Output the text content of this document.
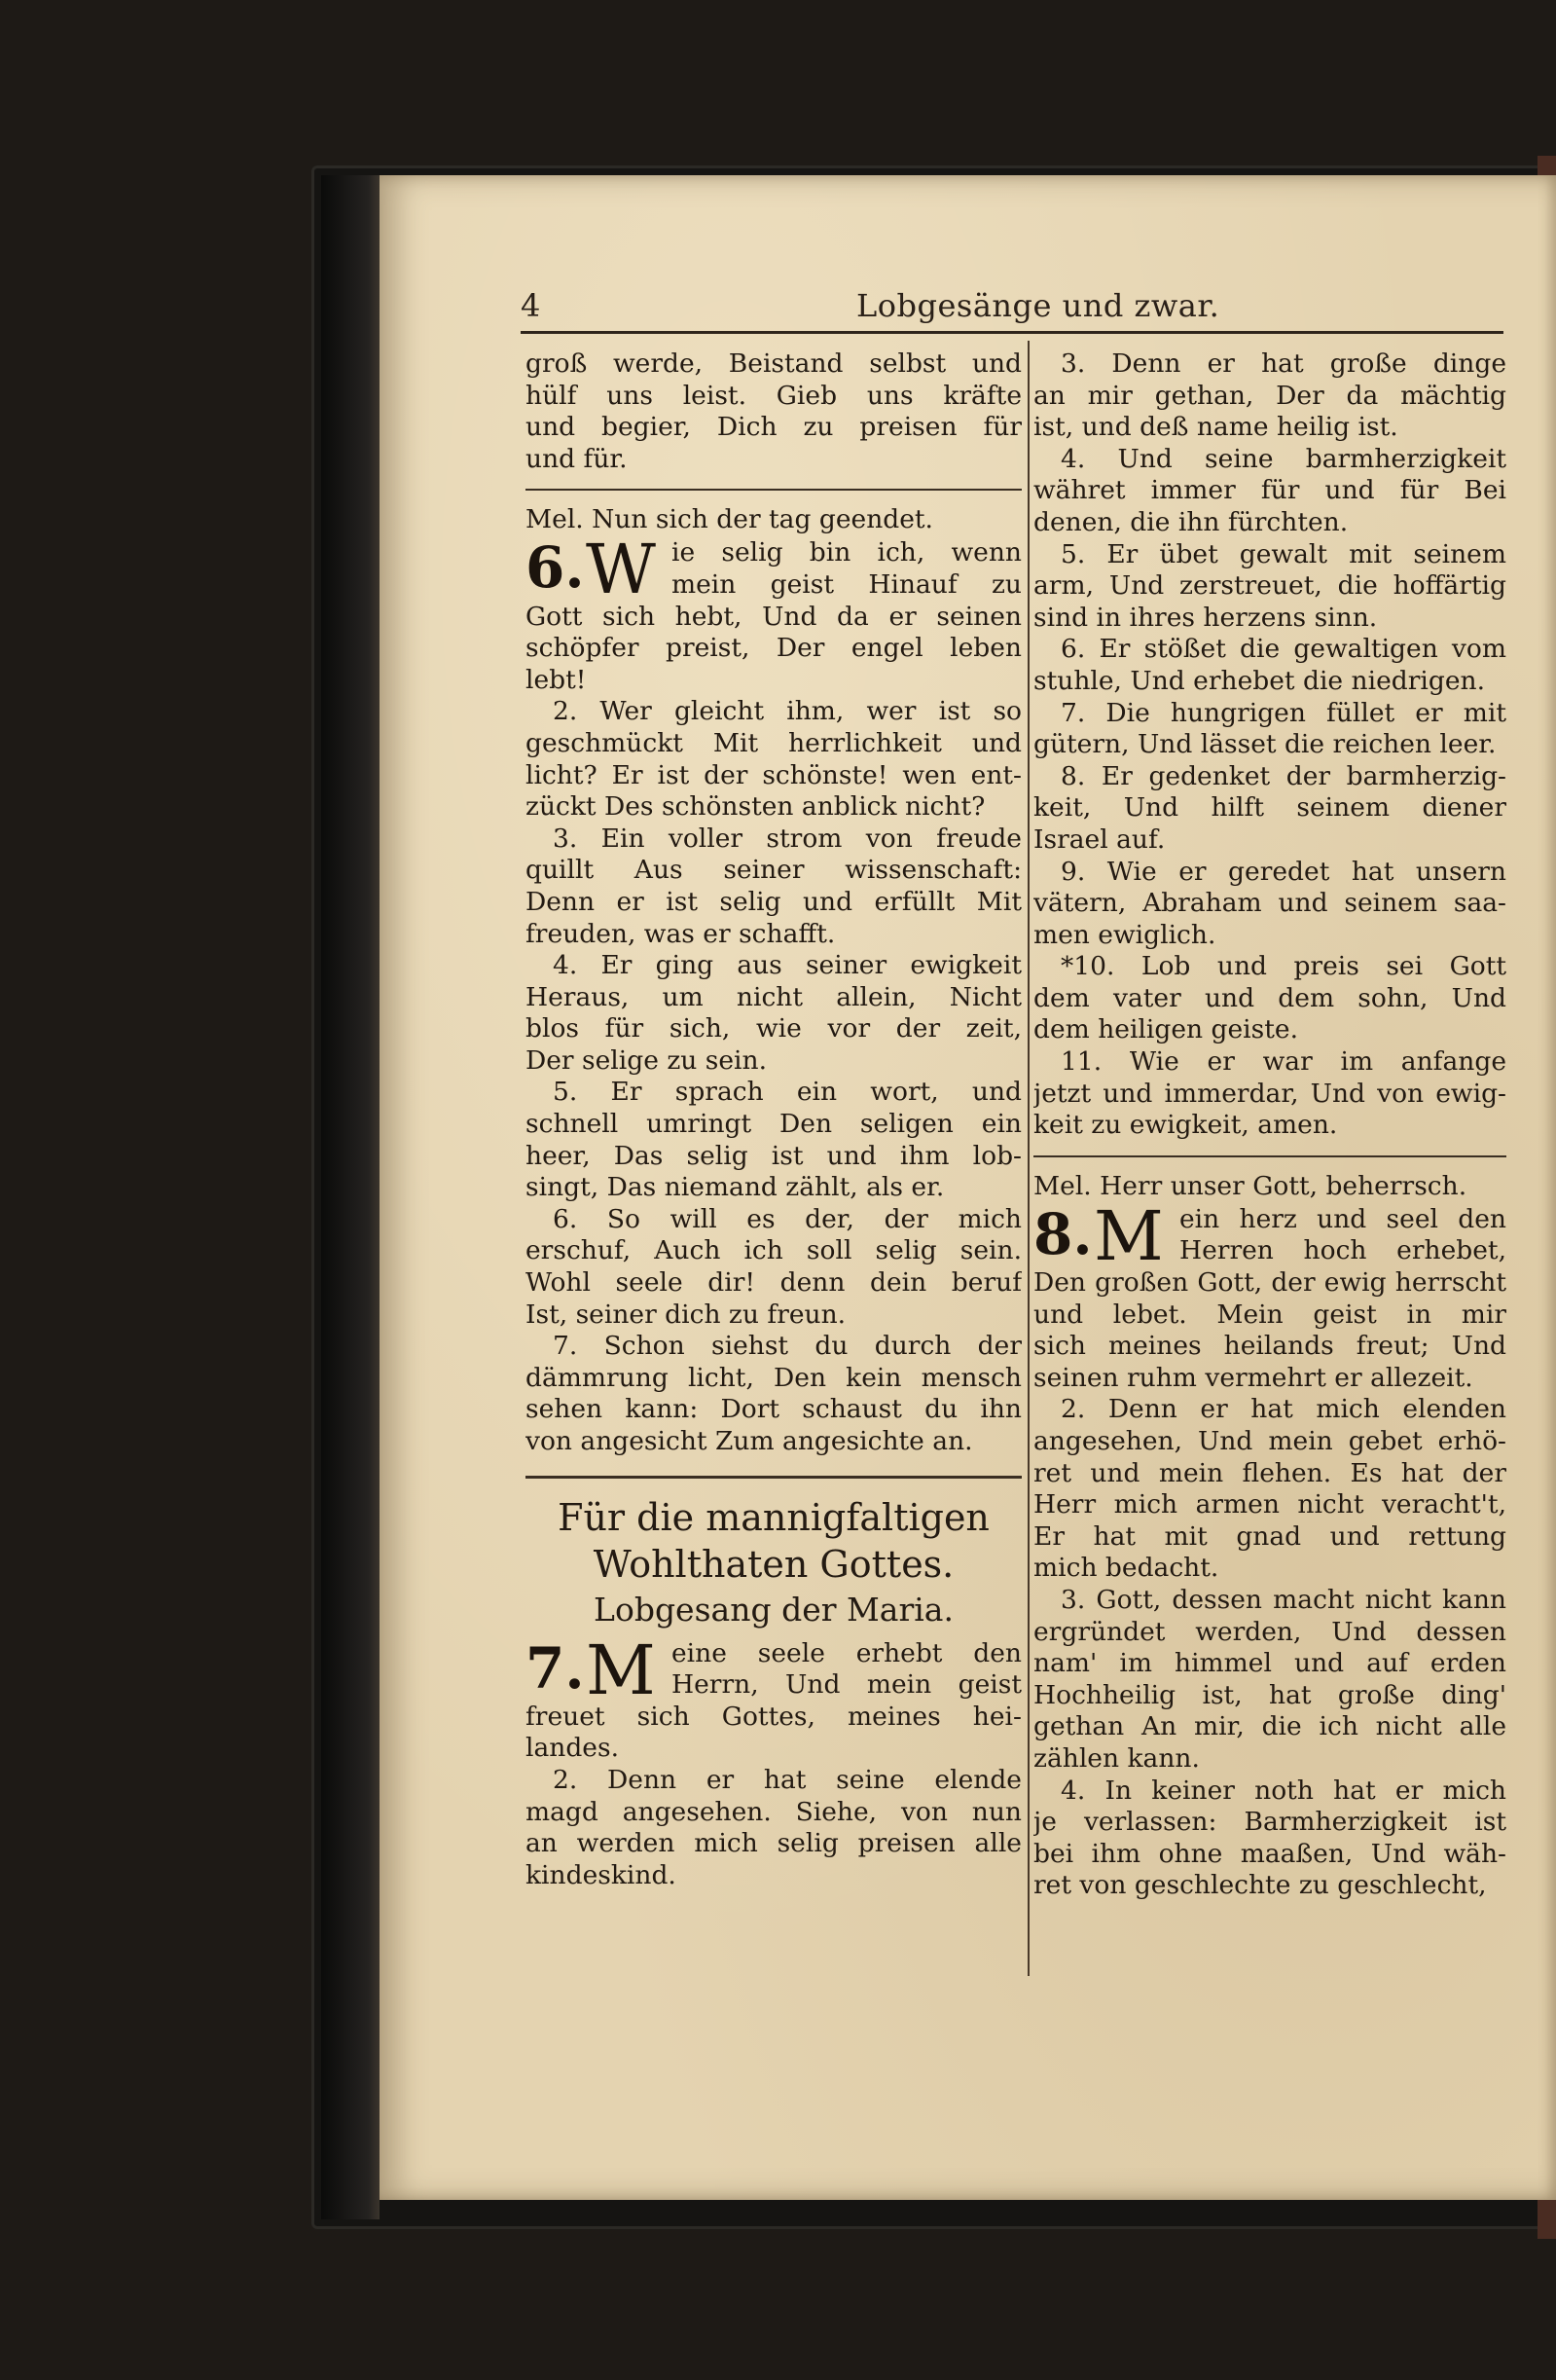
4	Lobgesänge und zwar.
groß werde, Beistand selbst und
hülf uns leist. Gieb uns kräfte
und begier, Dich zu preisen für
und für.
Mel. Nun sich der tag geendet.
6. W ie selig bin ich, wenn
mein geist Hinauf zu
Gott sich hebt, Und da er seinen
schöpfer preist, Der engel leben
lebt!
2. Wer gleicht ihm, wer ist so
geschmückt Mit herrlichkeit und
licht? Er ist der schönste! wen ent-
zückt Des schönsten anblick nicht?
3. Ein voller strom von freude
quillt Aus seiner wissenschaft:
Denn er ist selig und erfüllt Mit
freuden, was er schafft.
4. Er ging aus seiner ewigkeit
Heraus, um nicht allein, Nicht
blos für sich, wie vor der zeit,
Der selige zu sein.
5. Er sprach ein wort, und
schnell umringt Den seligen ein
heer, Das selig ist und ihm lob-
singt, Das niemand zählt, als er.
6. So will es der, der mich
erschuf, Auch ich soll selig sein.
Wohl seele dir! denn dein beruf
Ist, seiner dich zu freun.
7. Schon siehst du durch der
dämmrung licht, Den kein mensch
sehen kann: Dort schaust du ihn
von angesicht Zum angesichte an.
Für die mannigfaltigen
Wohlthaten Gottes.
Lobgesang der Maria.
7. M eine seele erhebt den
Herrn, Und mein geist
freuet sich Gottes, meines hei-
landes.
2. Denn er hat seine elende
magd angesehen. Siehe, von nun
an werden mich selig preisen alle
kindeskind.
3. Denn er hat große dinge
an mir gethan, Der da mächtig
ist, und deß name heilig ist.
4. Und seine barmherzigkeit
währet immer für und für Bei
denen, die ihn fürchten.
5. Er übet gewalt mit seinem
arm, Und zerstreuet, die hoffärtig
sind in ihres herzens sinn.
6. Er stößet die gewaltigen vom
stuhle, Und erhebet die niedrigen.
7. Die hungrigen füllet er mit
gütern, Und lässet die reichen leer.
8. Er gedenket der barmherzig-
keit, Und hilft seinem diener
Israel auf.
9. Wie er geredet hat unsern
vätern, Abraham und seinem saa-
men ewiglich.
*10. Lob und preis sei Gott
dem vater und dem sohn, Und
dem heiligen geiste.
11. Wie er war im anfange
jetzt und immerdar, Und von ewig-
keit zu ewigkeit, amen.
Mel. Herr unser Gott, beherrsch.
8. M ein herz und seel den
Herren hoch erhebet,
Den großen Gott, der ewig herrscht
und lebet. Mein geist in mir
sich meines heilands freut; Und
seinen ruhm vermehrt er allezeit.
2. Denn er hat mich elenden
angesehen, Und mein gebet erhö-
ret und mein flehen. Es hat der
Herr mich armen nicht veracht't,
Er hat mit gnad und rettung
mich bedacht.
3. Gott, dessen macht nicht kann
ergründet werden, Und dessen
nam' im himmel und auf erden
Hochheilig ist, hat große ding'
gethan An mir, die ich nicht alle
zählen kann.
4. In keiner noth hat er mich
je verlassen: Barmherzigkeit ist
bei ihm ohne maaßen, Und wäh-
ret von geschlechte zu geschlecht,
